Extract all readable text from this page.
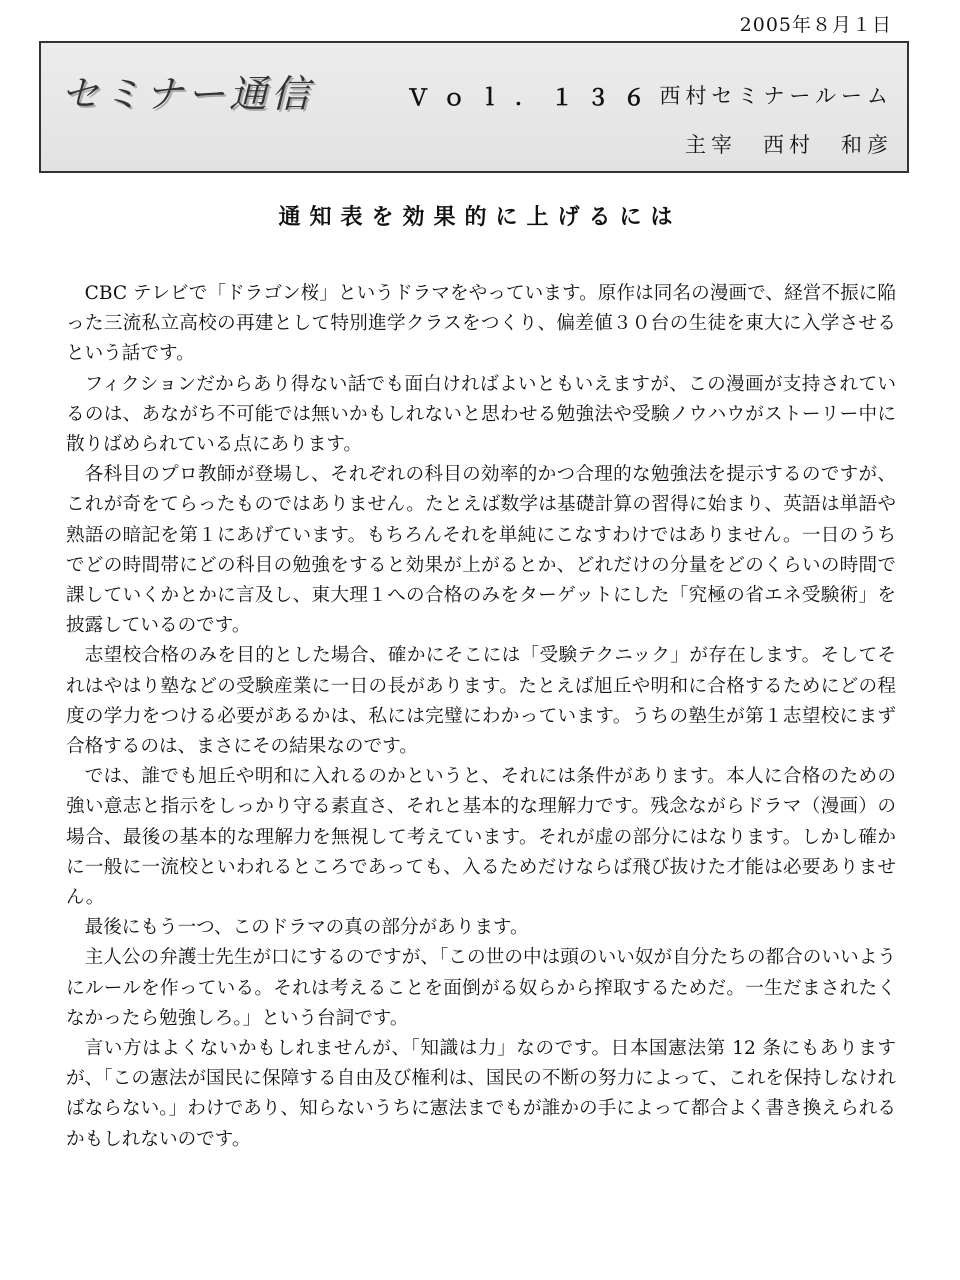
2005年８月１日
セミナー通信	Ｖｏｌ．１３６ 西村セミナールーム
主宰　西村　和彦
通知表を効果的に上げるには

CBC テレビで「ドラゴン桜」というドラマをやっています。原作は同名の漫画で、経営不振に陥った三流私立高校の再建として特別進学クラスをつくり、偏差値３０台の生徒を東大に入学させるという話です。

フィクションだからあり得ない話でも面白ければよいともいえますが、この漫画が支持されているのは、あながち不可能では無いかもしれないと思わせる勉強法や受験ノウハウがストーリー中に散りばめられている点にあります。

各科目のプロ教師が登場し、それぞれの科目の効率的かつ合理的な勉強法を提示するのですが、これが奇をてらったものではありません。たとえば数学は基礎計算の習得に始まり、英語は単語や熟語の暗記を第１にあげています。もちろんそれを単純にこなすわけではありません。一日のうちでどの時間帯にどの科目の勉強をすると効果が上がるとか、どれだけの分量をどのくらいの時間で課していくかとかに言及し、東大理１への合格のみをターゲットにした「究極の省エネ受験術」を披露しているのです。

志望校合格のみを目的とした場合、確かにそこには「受験テクニック」が存在します。そしてそれはやはり塾などの受験産業に一日の長があります。たとえば旭丘や明和に合格するためにどの程度の学力をつける必要があるかは、私には完璧にわかっています。うちの塾生が第１志望校にまず合格するのは、まさにその結果なのです。

では、誰でも旭丘や明和に入れるのかというと、それには条件があります。本人に合格のための強い意志と指示をしっかり守る素直さ、それと基本的な理解力です。残念ながらドラマ（漫画）の場合、最後の基本的な理解力を無視して考えています。それが虚の部分にはなります。しかし確かに一般に一流校といわれるところであっても、入るためだけならば飛び抜けた才能は必要ありません。

最後にもう一つ、このドラマの真の部分があります。

主人公の弁護士先生が口にするのですが、「この世の中は頭のいい奴が自分たちの都合のいいようにルールを作っている。それは考えることを面倒がる奴らから搾取するためだ。一生だまされたくなかったら勉強しろ。」という台詞です。

言い方はよくないかもしれませんが、「知識は力」なのです。日本国憲法第 12 条にもありますが、「この憲法が国民に保障する自由及び権利は、国民の不断の努力によって、これを保持しなければならない。」わけであり、知らないうちに憲法までもが誰かの手によって都合よく書き換えられるかもしれないのです。
